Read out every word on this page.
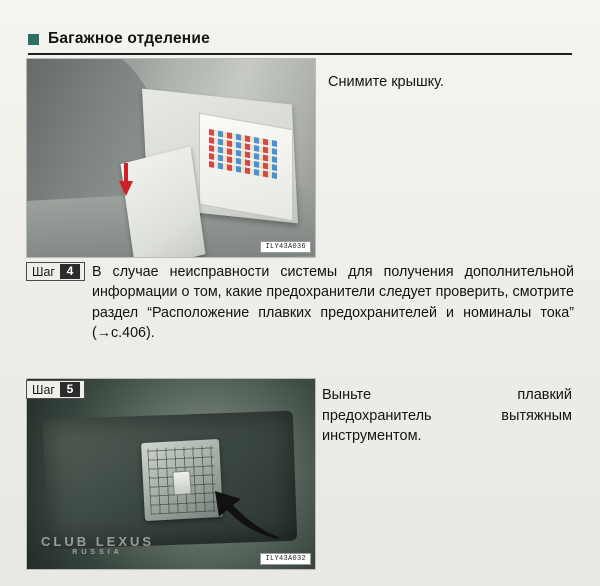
Багажное отделение
ILY43A036
Снимите крышку.
Шаг 4	В случае неисправности системы для получения дополнительной информации о том, какие предохранители следует проверить, смотрите раздел “Расположение плавких предохранителей и номиналы тока” (→с.406).
CLUB LEXUS
RUSSIA
ILY43A032
Шаг 5	Выньте	плавкий
предохранитель	вытяжным
инструментом.
